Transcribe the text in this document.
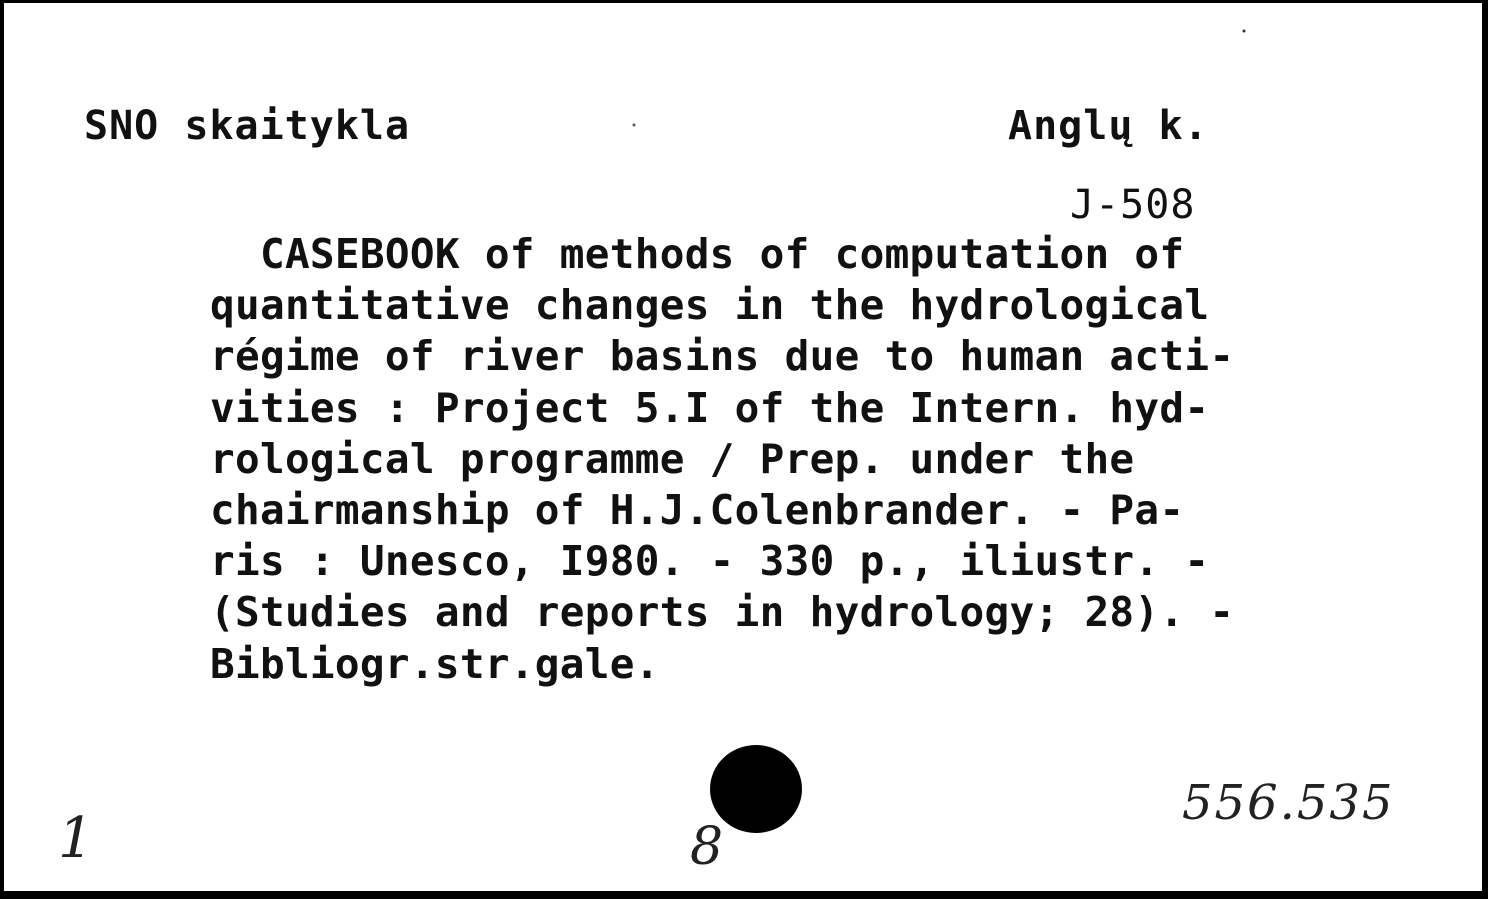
SNO skaitykla	Anglų k.
J-508
CASEBOOK of methods of computation of
quantitative changes in the hydrological
régime of river basins due to human acti-
vities : Project 5.I of the Intern. hyd-
rological programme / Prep. under the
chairmanship of H.J.Colenbrander. - Pa-
ris : Unesco, I980. - 330 p., iliustr. -
(Studies and reports in hydrology; 28). -
Bibliogr.str.gale.
1
556.535
8
